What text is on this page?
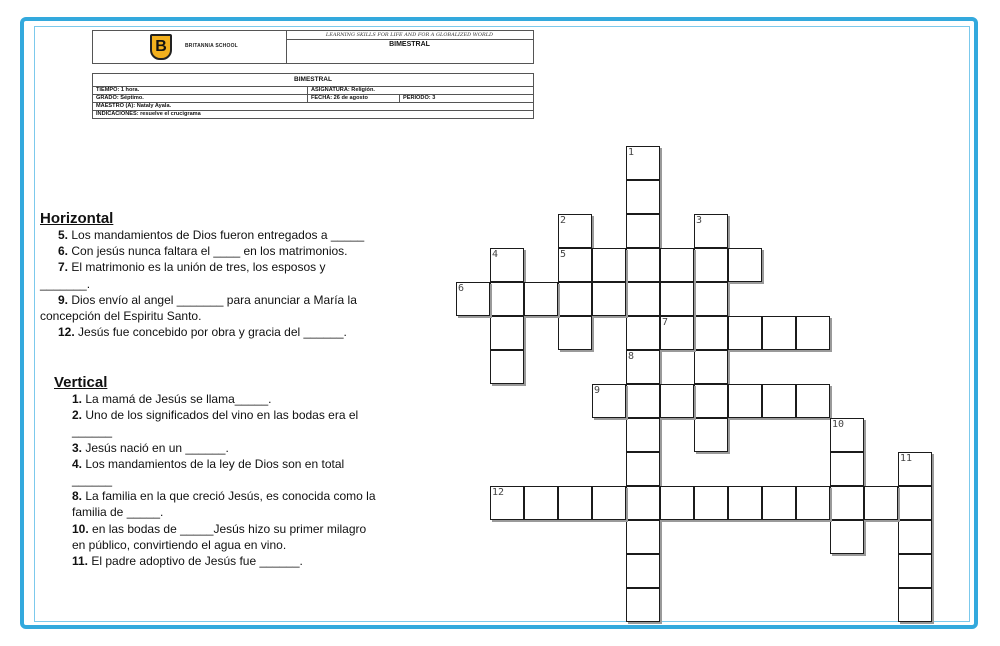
B	BRITANNIA SCHOOL
LEARNING SKILLS FOR LIFE AND FOR A GLOBALIZED WORLD
BIMESTRAL
BIMESTRAL		
TIEMPO: 1 hora.	ASIGNATURA: Religión.	
GRADO: Séptimo.	FECHA: 26 de agosto	PERIODO: 3
MAESTRO (A): Nataly Ayala.		
INDICACIONES: resuelve el crucigrama		
Horizontal
5. Los mandamientos de Dios fueron entregados a _____
6. Con jesús nunca faltara el ____ en los matrimonios.
7. El matrimonio es la unión de tres, los esposos y
_______.
9. Dios envío al angel _______ para anunciar a María la
concepción del Espiritu Santo.
12. Jesús fue concebido por obra y gracia del ______.
Vertical
1. La mamá de Jesús se llama_____.
2. Uno de los significados del vino en las bodas era el
______
3. Jesús nació en un ______.
4. Los mandamientos de la ley de Dios son en total
______
8. La familia en la que creció Jesús, es conocida como la
familia de _____.
10. en las bodas de _____Jesús hizo su primer milagro
en público, convirtiendo el agua en vino.
11. El padre adoptivo de Jesús fue ______.
1
2	3
4	5
6
7
8
9
10
11
12
